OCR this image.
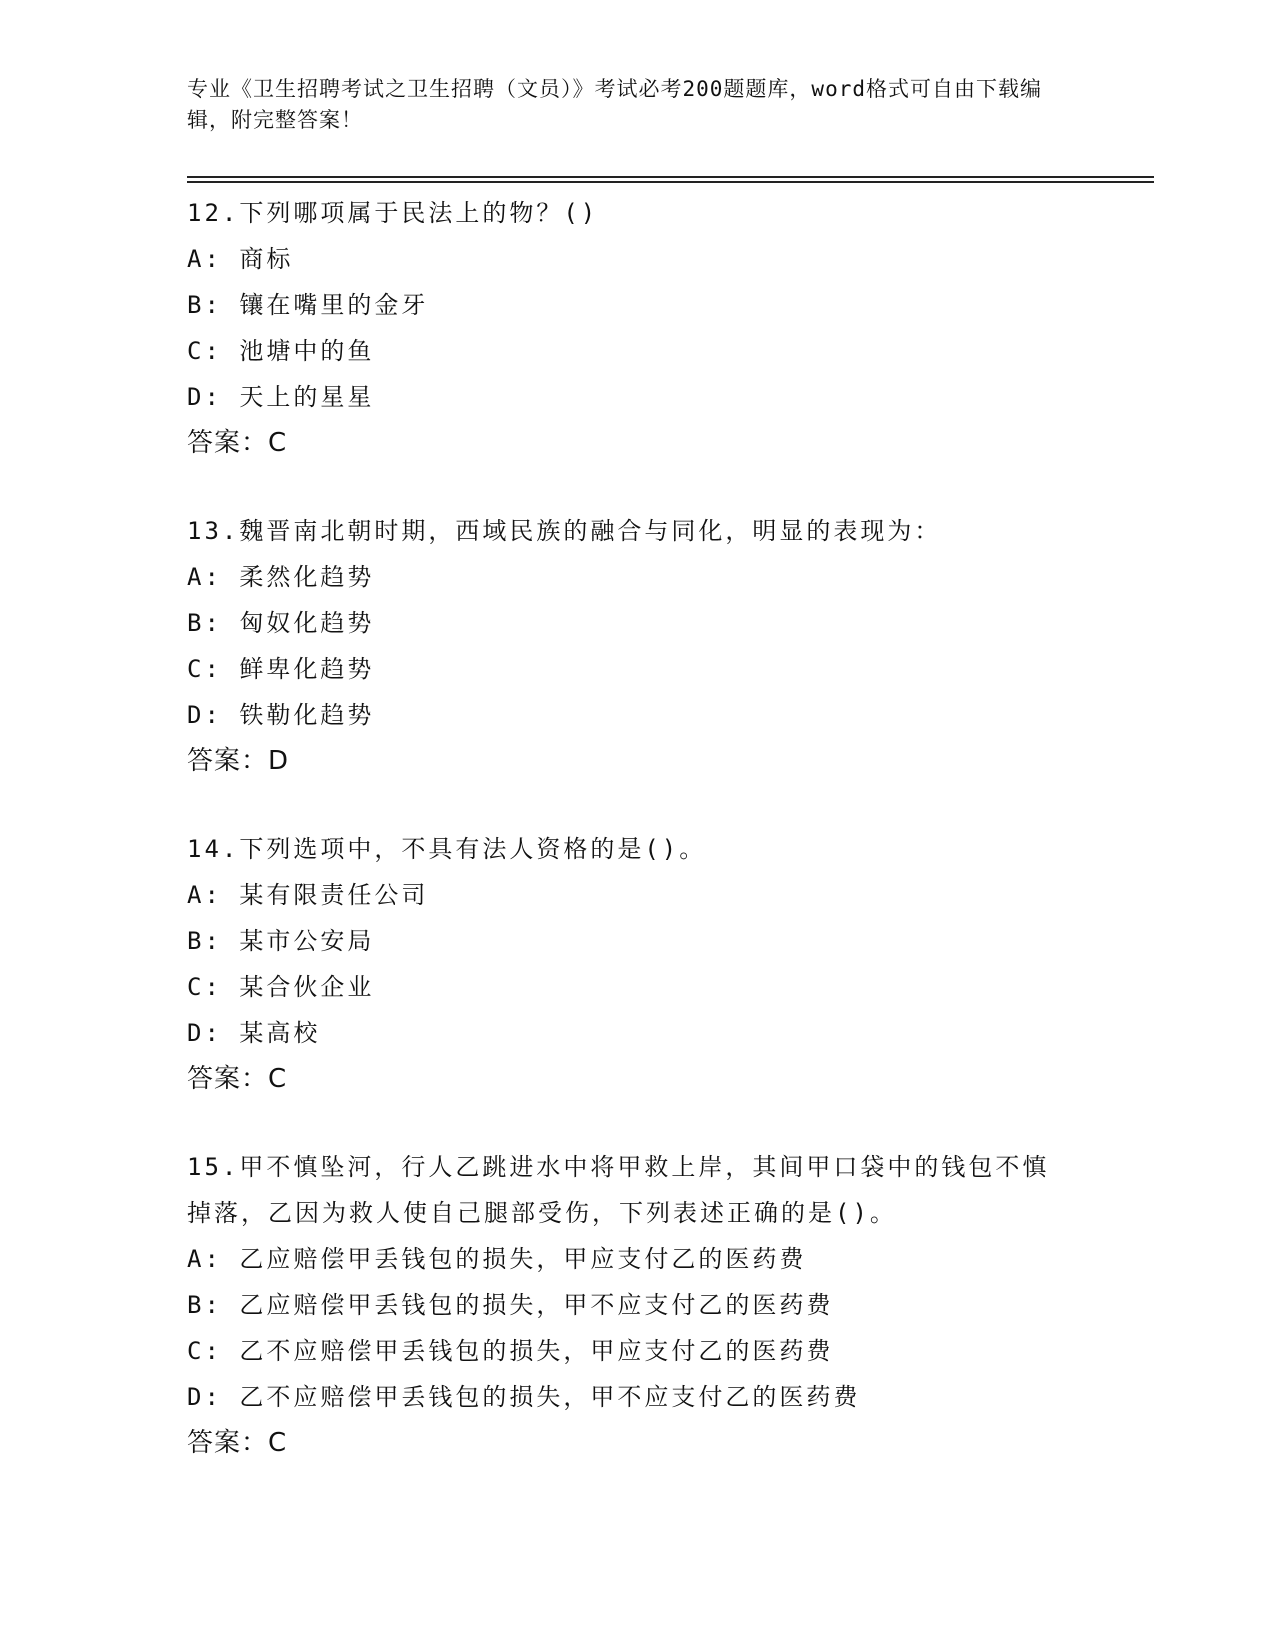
专业《卫生招聘考试之卫生招聘（文员）》考试必考200题题库，word格式可自由下载编辑，附完整答案！
12.下列哪项属于民法上的物？()
A: 商标
B: 镶在嘴里的金牙
C: 池塘中的鱼
D: 天上的星星
答案：C
13.魏晋南北朝时期，西域民族的融合与同化，明显的表现为：
A: 柔然化趋势
B: 匈奴化趋势
C: 鲜卑化趋势
D: 铁勒化趋势
答案：D
14.下列选项中，不具有法人资格的是()。
A: 某有限责任公司
B: 某市公安局
C: 某合伙企业
D: 某高校
答案：C
15.甲不慎坠河，行人乙跳进水中将甲救上岸，其间甲口袋中的钱包不慎掉落，乙因为救人使自己腿部受伤，下列表述正确的是()。
A: 乙应赔偿甲丢钱包的损失，甲应支付乙的医药费
B: 乙应赔偿甲丢钱包的损失，甲不应支付乙的医药费
C: 乙不应赔偿甲丢钱包的损失，甲应支付乙的医药费
D: 乙不应赔偿甲丢钱包的损失，甲不应支付乙的医药费
答案：C
